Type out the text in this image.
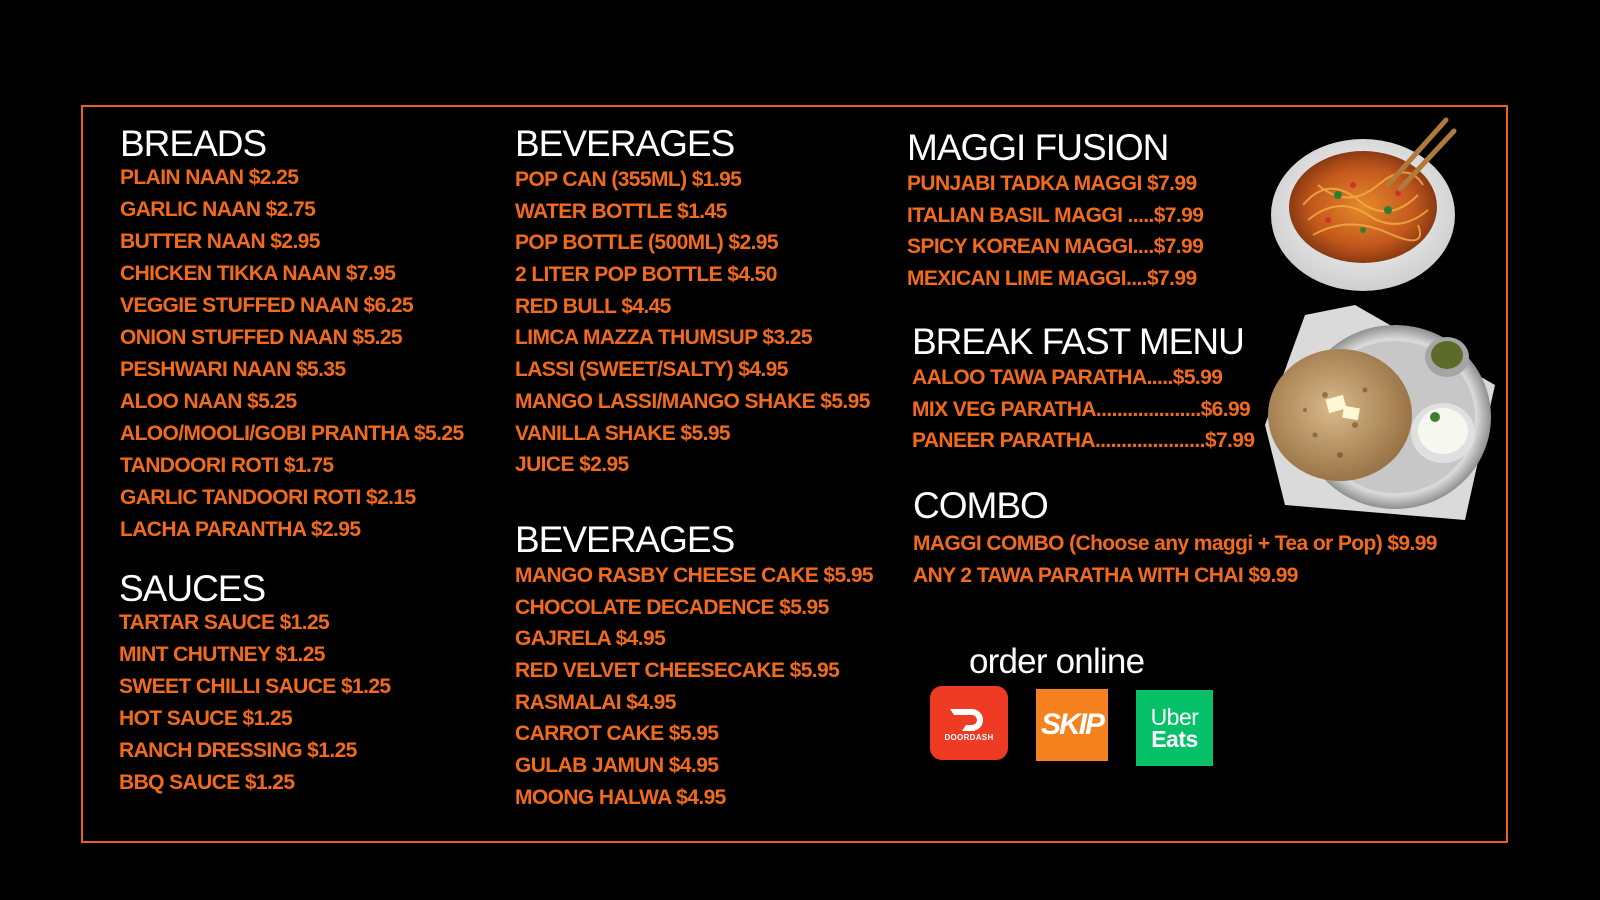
BREADS
PLAIN NAAN $2.25
GARLIC NAAN $2.75
BUTTER NAAN $2.95
CHICKEN TIKKA NAAN $7.95
VEGGIE STUFFED NAAN $6.25
ONION STUFFED NAAN $5.25
PESHWARI NAAN $5.35
ALOO NAAN $5.25
ALOO/MOOLI/GOBI PRANTHA $5.25
TANDOORI ROTI $1.75
GARLIC TANDOORI ROTI $2.15
LACHA PARANTHA $2.95
SAUCES
TARTAR SAUCE $1.25
MINT CHUTNEY $1.25
SWEET CHILLI SAUCE $1.25
HOT SAUCE $1.25
RANCH DRESSING $1.25
BBQ SAUCE $1.25
BEVERAGES
POP CAN (355ML) $1.95
WATER BOTTLE $1.45
POP BOTTLE (500ML) $2.95
2 LITER POP BOTTLE $4.50
RED BULL $4.45
LIMCA MAZZA THUMSUP $3.25
LASSI (SWEET/SALTY) $4.95
MANGO LASSI/MANGO SHAKE $5.95
VANILLA SHAKE $5.95
JUICE $2.95
BEVERAGES
MANGO RASBY CHEESE CAKE $5.95
CHOCOLATE DECADENCE $5.95
GAJRELA $4.95
RED VELVET CHEESECAKE $5.95
RASMALAI $4.95
CARROT CAKE $5.95
GULAB JAMUN $4.95
MOONG HALWA $4.95
MAGGI FUSION
PUNJABI TADKA MAGGI $7.99
ITALIAN BASIL MAGGI .....$7.99
SPICY KOREAN MAGGI....$7.99
MEXICAN LIME MAGGI....$7.99
BREAK FAST MENU
AALOO TAWA PARATHA.....$5.99
MIX VEG PARATHA....................$6.99
PANEER PARATHA.....................$7.99
COMBO
MAGGI COMBO (Choose any maggi + Tea or Pop) $9.99
ANY 2 TAWA PARATHA WITH CHAI $9.99
order online
DOORDASH SKIP Uber
Eats
